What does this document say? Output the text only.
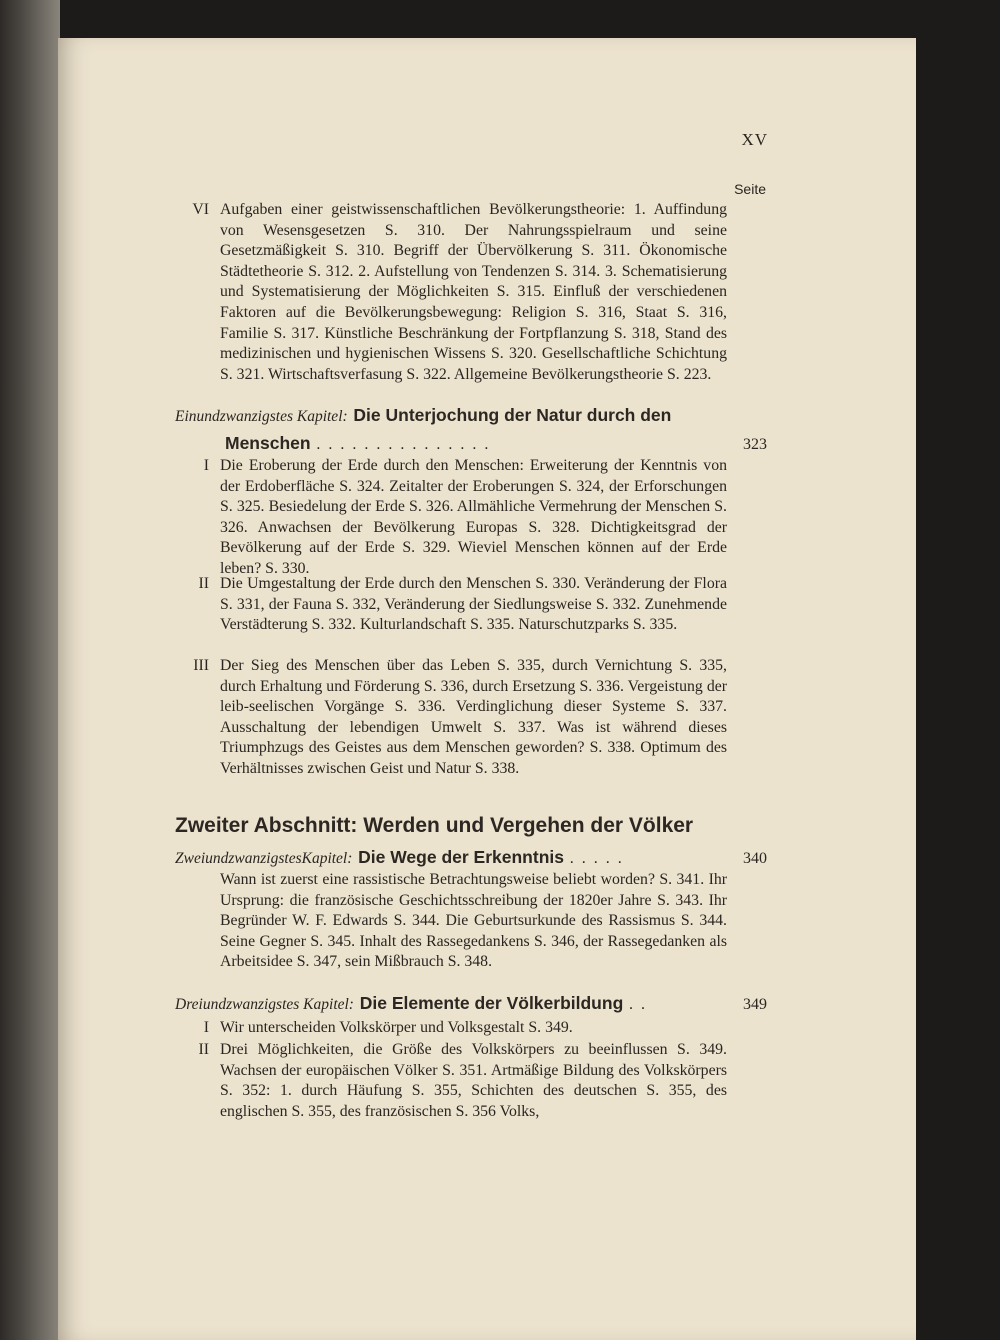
XV
Seite
VI Aufgaben einer geistwissenschaftlichen Bevölkerungstheorie: 1. Auffindung von Wesensgesetzen S. 310. Der Nahrungsspielraum und seine Gesetzmäßigkeit S. 310. Begriff der Übervölkerung S. 311. Ökonomische Städtetheorie S. 312. 2. Aufstellung von Tendenzen S. 314. 3. Schematisierung und Systematisierung der Möglichkeiten S. 315. Einfluß der verschiedenen Faktoren auf die Bevölkerungsbewegung: Religion S. 316, Staat S. 316, Familie S. 317. Künstliche Beschränkung der Fortpflanzung S. 318, Stand des medizinischen und hygienischen Wissens S. 320. Gesellschaftliche Schichtung S. 321. Wirtschaftsverfasung S. 322. Allgemeine Bevölkerungstheorie S. 223.
Einundzwanzigstes Kapitel: Die Unterjochung der Natur durch den
Menschen ...............	323
I Die Eroberung der Erde durch den Menschen: Erweiterung der Kenntnis von der Erdoberfläche S. 324. Zeitalter der Eroberungen S. 324, der Erforschungen S. 325. Besiedelung der Erde S. 326. Allmähliche Vermehrung der Menschen S. 326. Anwachsen der Bevölkerung Europas S. 328. Dichtigkeitsgrad der Bevölkerung auf der Erde S. 329. Wieviel Menschen können auf der Erde leben? S. 330.
II Die Umgestaltung der Erde durch den Menschen S. 330. Veränderung der Flora S. 331, der Fauna S. 332, Veränderung der Siedlungsweise S. 332. Zunehmende Verstädterung S. 332. Kulturlandschaft S. 335. Naturschutzparks S. 335.
III Der Sieg des Menschen über das Leben S. 335, durch Vernichtung S. 335, durch Erhaltung und Förderung S. 336, durch Ersetzung S. 336. Vergeistung der leib-seelischen Vorgänge S. 336. Verdinglichung dieser Systeme S. 337. Ausschaltung der lebendigen Umwelt S. 337. Was ist während dieses Triumphzugs des Geistes aus dem Menschen geworden? S. 338. Optimum des Verhältnisses zwischen Geist und Natur S. 338.
Zweiter Abschnitt: Werden und Vergehen der Völker
ZweiundzwanzigstesKapitel: Die Wege der Erkenntnis .....	340
Wann ist zuerst eine rassistische Betrachtungsweise beliebt worden? S. 341. Ihr Ursprung: die französische Geschichtsschreibung der 1820er Jahre S. 343. Ihr Begründer W. F. Edwards S. 344. Die Geburtsurkunde des Rassismus S. 344. Seine Gegner S. 345. Inhalt des Rassegedankens S. 346, der Rassegedanken als Arbeitsidee S. 347, sein Mißbrauch S. 348.
Dreiundzwanzigstes Kapitel: Die Elemente der Völkerbildung ..	349
I Wir unterscheiden Volkskörper und Volksgestalt S. 349.
II Drei Möglichkeiten, die Größe des Volkskörpers zu beeinflussen S. 349. Wachsen der europäischen Völker S. 351. Artmäßige Bildung des Volkskörpers S. 352: 1. durch Häufung S. 355, Schichten des deutschen S. 355, des englischen S. 355, des französischen S. 356 Volks,
